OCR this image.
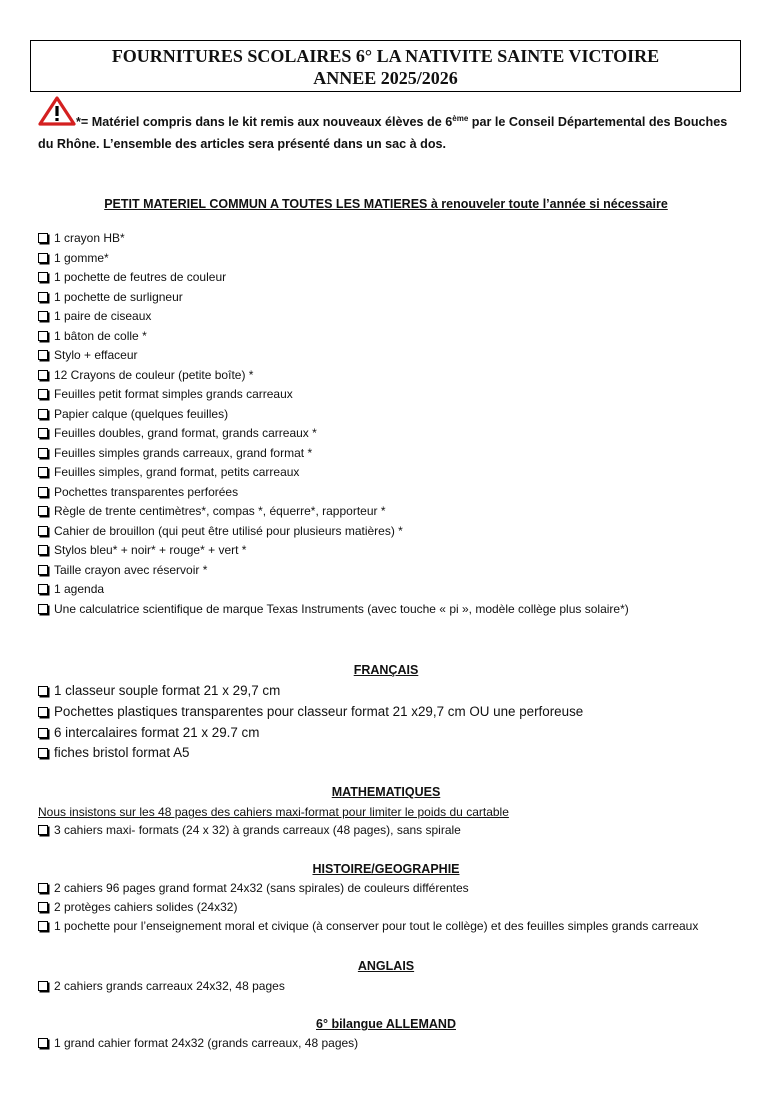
FOURNITURES SCOLAIRES 6° LA NATIVITE SAINTE VICTOIRE
ANNEE 2025/2026
*= Matériel compris dans le kit remis aux nouveaux élèves de 6ème par le Conseil Départemental des Bouches du Rhône. L’ensemble des articles sera présenté dans un sac à dos.
PETIT MATERIEL COMMUN A TOUTES LES MATIERES à renouveler toute l’année si nécessaire
1 crayon HB*
1 gomme*
1 pochette de feutres de couleur
1 pochette de surligneur
1 paire de ciseaux
1 bâton de colle *
Stylo + effaceur
12 Crayons de couleur (petite boîte) *
Feuilles petit format simples grands carreaux
Papier calque (quelques feuilles)
Feuilles doubles, grand format, grands carreaux *
Feuilles simples grands carreaux, grand format *
Feuilles simples, grand format, petits carreaux
Pochettes transparentes perforées
Règle de trente centimètres*, compas *, équerre*, rapporteur *
Cahier de brouillon (qui peut être utilisé pour plusieurs matières) *
Stylos bleu* + noir* + rouge* + vert *
Taille crayon avec réservoir *
1 agenda
Une calculatrice scientifique de marque Texas Instruments (avec touche « pi », modèle collège plus solaire*)
FRANÇAIS
1 classeur souple format 21 x 29,7 cm
Pochettes plastiques transparentes pour classeur format 21 x29,7 cm OU une perforeuse
6 intercalaires format 21 x 29.7 cm
fiches bristol format A5
MATHEMATIQUES
Nous insistons sur les 48 pages des cahiers maxi-format pour limiter le poids du cartable
3 cahiers maxi- formats (24 x 32) à grands carreaux (48 pages), sans spirale
HISTOIRE/GEOGRAPHIE
2 cahiers 96 pages grand format 24x32 (sans spirales) de couleurs différentes
2 protèges cahiers solides (24x32)
1 pochette pour l’enseignement moral et civique (à conserver pour tout le collège) et des feuilles simples grands carreaux
ANGLAIS
2 cahiers grands carreaux 24x32, 48 pages
6° bilangue ALLEMAND
1 grand cahier format 24x32 (grands carreaux, 48 pages)
